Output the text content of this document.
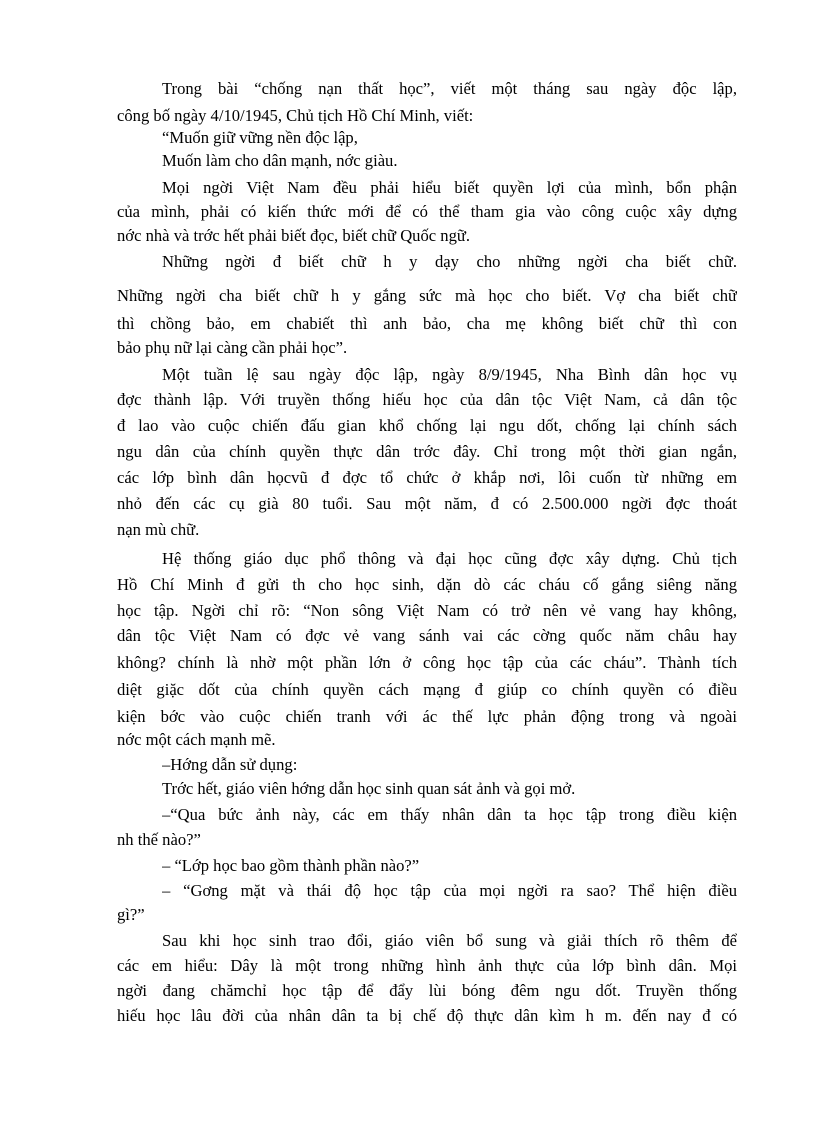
Trong bài “chống nạn thất học”, viết một tháng sau ngày độc lập,
công bố ngày 4/10/1945, Chủ tịch Hồ Chí Minh, viết:
“Muốn giữ vững nền độc lập,
Muốn làm cho dân mạnh, nớc giàu.
Mọi ngời Việt Nam đều phải hiểu biết quyền lợi của mình, bổn phận
của mình, phải có kiến thức mới để có thể tham gia vào công cuộc xây dựng
nớc nhà và trớc hết phải biết đọc, biết chữ Quốc ngữ.
Những ngời đ biết chữ h y dạy cho những ngời cha biết chữ.
Những ngời cha biết chữ h y gắng sức mà học cho biết. Vợ cha biết chữ
thì chồng bảo, em chabiết thì anh bảo, cha mẹ không biết chữ thì con
bảo phụ nữ lại càng cần phải học”.
Một tuần lệ sau ngày độc lập, ngày 8/9/1945, Nha Bình dân học vụ
đợc thành lập. Với truyền thống hiếu học của dân tộc Việt Nam, cả dân tộc
đ lao vào cuộc chiến đấu gian khổ chống lại ngu dốt, chống lại chính sách
ngu dân của chính quyền thực dân trớc đây. Chỉ trong một thời gian ngắn,
các lớp bình dân họcvũ đ đợc tổ chức ở khắp nơi, lôi cuốn từ những em
nhỏ đến các cụ già 80 tuổi. Sau một năm, đ có 2.500.000 ngời đợc thoát
nạn mù chữ.
Hệ thống giáo dục phổ thông và đại học cũng đợc xây dựng. Chủ tịch
Hồ Chí Minh đ gửi th cho học sinh, dặn dò các cháu cố gắng siêng năng
học tập. Ngời chỉ rõ: “Non sông Việt Nam có trở nên vẻ vang hay không,
dân tộc Việt Nam có đợc vẻ vang sánh vai các cờng quốc năm châu hay
không? chính là nhờ một phần lớn ở công học tập của các cháu”. Thành tích
diệt giặc dốt của chính quyền cách mạng đ giúp co chính quyền có điều
kiện bớc vào cuộc chiến tranh với ác thế lực phản động trong và ngoài
nớc một cách mạnh mẽ.
–Hớng dẫn sử dụng:
Trớc hết, giáo viên hớng dẫn học sinh quan sát ảnh và gọi mở.
–“Qua bức ảnh này, các em thấy nhân dân ta học tập trong điều kiện
nh thế nào?”
– “Lớp học bao gồm thành phần nào?”
– “Gơng mặt và thái độ học tập của mọi ngời ra sao? Thể hiện điều
gì?”
Sau khi học sinh trao đổi, giáo viên bổ sung và giải thích rõ thêm để
các em hiểu: Dây là một trong những hình ảnh thực của lớp bình dân. Mọi
ngời đang chămchỉ học tập để đẩy lùi bóng đêm ngu dốt. Truyền thống
hiếu học lâu đời của nhân dân ta bị chế độ thực dân kìm h m. đến nay đ có
